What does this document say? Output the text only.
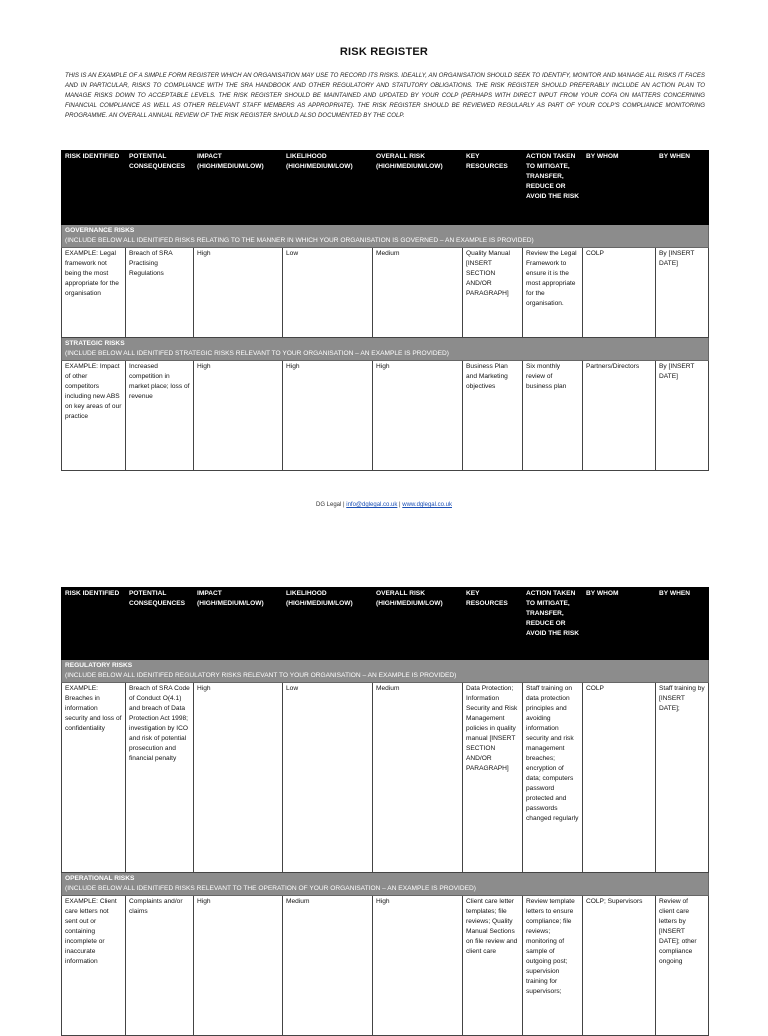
RISK REGISTER
THIS IS AN EXAMPLE OF A SIMPLE FORM REGISTER WHICH AN ORGANISATION MAY USE TO RECORD ITS RISKS. IDEALLY, AN ORGANISATION SHOULD SEEK TO IDENTIFY, MONITOR AND MANAGE ALL RISKS IT FACES AND IN PARTICULAR, RISKS TO COMPLIANCE WITH THE SRA HANDBOOK AND OTHER REGULATORY AND STATUTORY OBLIGATIONS. THE RISK REGISTER SHOULD PREFERABLY INCLUDE AN ACTION PLAN TO MANAGE RISKS DOWN TO ACCEPTABLE LEVELS. THE RISK REGISTER SHOULD BE MAINTAINED AND UPDATED BY YOUR COLP (PERHAPS WITH DIRECT INPUT FROM YOUR COFA ON MATTERS CONCERNING FINANCIAL COMPLIANCE AS WELL AS OTHER RELEVANT STAFF MEMBERS AS APPROPRIATE). THE RISK REGISTER SHOULD BE REVIEWED REGULARLY AS PART OF YOUR COLP'S COMPLIANCE MONITORING PROGRAMME. AN OVERALL ANNUAL REVIEW OF THE RISK REGISTER SHOULD ALSO DOCUMENTED BY THE COLP.
RISK IDENTIFIED	POTENTIAL CONSEQUENCES	IMPACT (HIGH/MEDIUM/LOW)	LIKELIHOOD (HIGH/MEDIUM/LOW)	OVERALL RISK (HIGH/MEDIUM/LOW)	KEY RESOURCES	ACTION TAKEN TO MITIGATE, TRANSFER, REDUCE OR AVOID THE RISK	BY WHOM	BY WHEN
GOVERNANCE RISKS
(INCLUDE BELOW ALL IDENITIFED RISKS RELATING TO THE MANNER IN WHICH YOUR ORGANISATION IS GOVERNED – AN EXAMPLE IS PROVIDED)								

EXAMPLE: Legal framework not being the most appropriate for the organisation	Breach of SRA Practising Regulations	High	Low	Medium	Quality Manual [INSERT SECTION AND/OR PARAGRAPH]	Review the Legal Framework to ensure it is the most appropriate for the organisation.	COLP	By [INSERT DATE]
STRATEGIC RISKS
(INCLUDE BELOW ALL IDENITIFED STRATEGIC RISKS RELEVANT TO YOUR ORGANISATION – AN EXAMPLE IS PROVIDED)								

EXAMPLE: Impact of other competitors including new ABS on key areas of our practice	Increased competition in market place; loss of revenue	High	High	High	Business Plan and Marketing objectives	Six monthly review of business plan	Partners/Directors	By [INSERT DATE]
DG Legal | info@dglegal.co.uk | www.dglegal.co.uk
RISK IDENTIFIED	POTENTIAL CONSEQUENCES	IMPACT (HIGH/MEDIUM/LOW)	LIKELIHOOD (HIGH/MEDIUM/LOW)	OVERALL RISK (HIGH/MEDIUM/LOW)	KEY RESOURCES	ACTION TAKEN TO MITIGATE, TRANSFER, REDUCE OR AVOID THE RISK	BY WHOM	BY WHEN
REGULATORY RISKS
(INCLUDE BELOW ALL IDENITIFED REGULATORY RISKS RELEVANT TO YOUR ORGANISATION – AN EXAMPLE IS PROVIDED)								

EXAMPLE: Breaches in information security and loss of confidentiality	Breach of SRA Code of Conduct O(4.1) and breach of Data Protection Act 1998; investigation by ICO and risk of potential prosecution and financial penalty	High	Low	Medium	Data Protection; Information Security and Risk Management policies in quality manual [INSERT SECTION AND/OR PARAGRAPH]	Staff training on data protection principles and avoiding information security and risk management breaches; encryption of data; computers password protected and passwords changed regularly	COLP	Staff training by [INSERT DATE];
OPERATIONAL RISKS
(INCLUDE BELOW ALL IDENITIFED RISKS RELEVANT TO THE OPERATION OF YOUR ORGANISATION – AN EXAMPLE IS PROVIDED)								

EXAMPLE: Client care letters not sent out or containing incomplete or inaccurate information	Complaints and/or claims	High	Medium	High	Client care letter templates; file reviews; Quality Manual Sections on file review and client care	Review template letters to ensure compliance; file reviews; monitoring of sample of outgoing post; supervision training for supervisors;	COLP; Supervisors	Review of client care letters by [INSERT DATE]; other compliance ongoing
